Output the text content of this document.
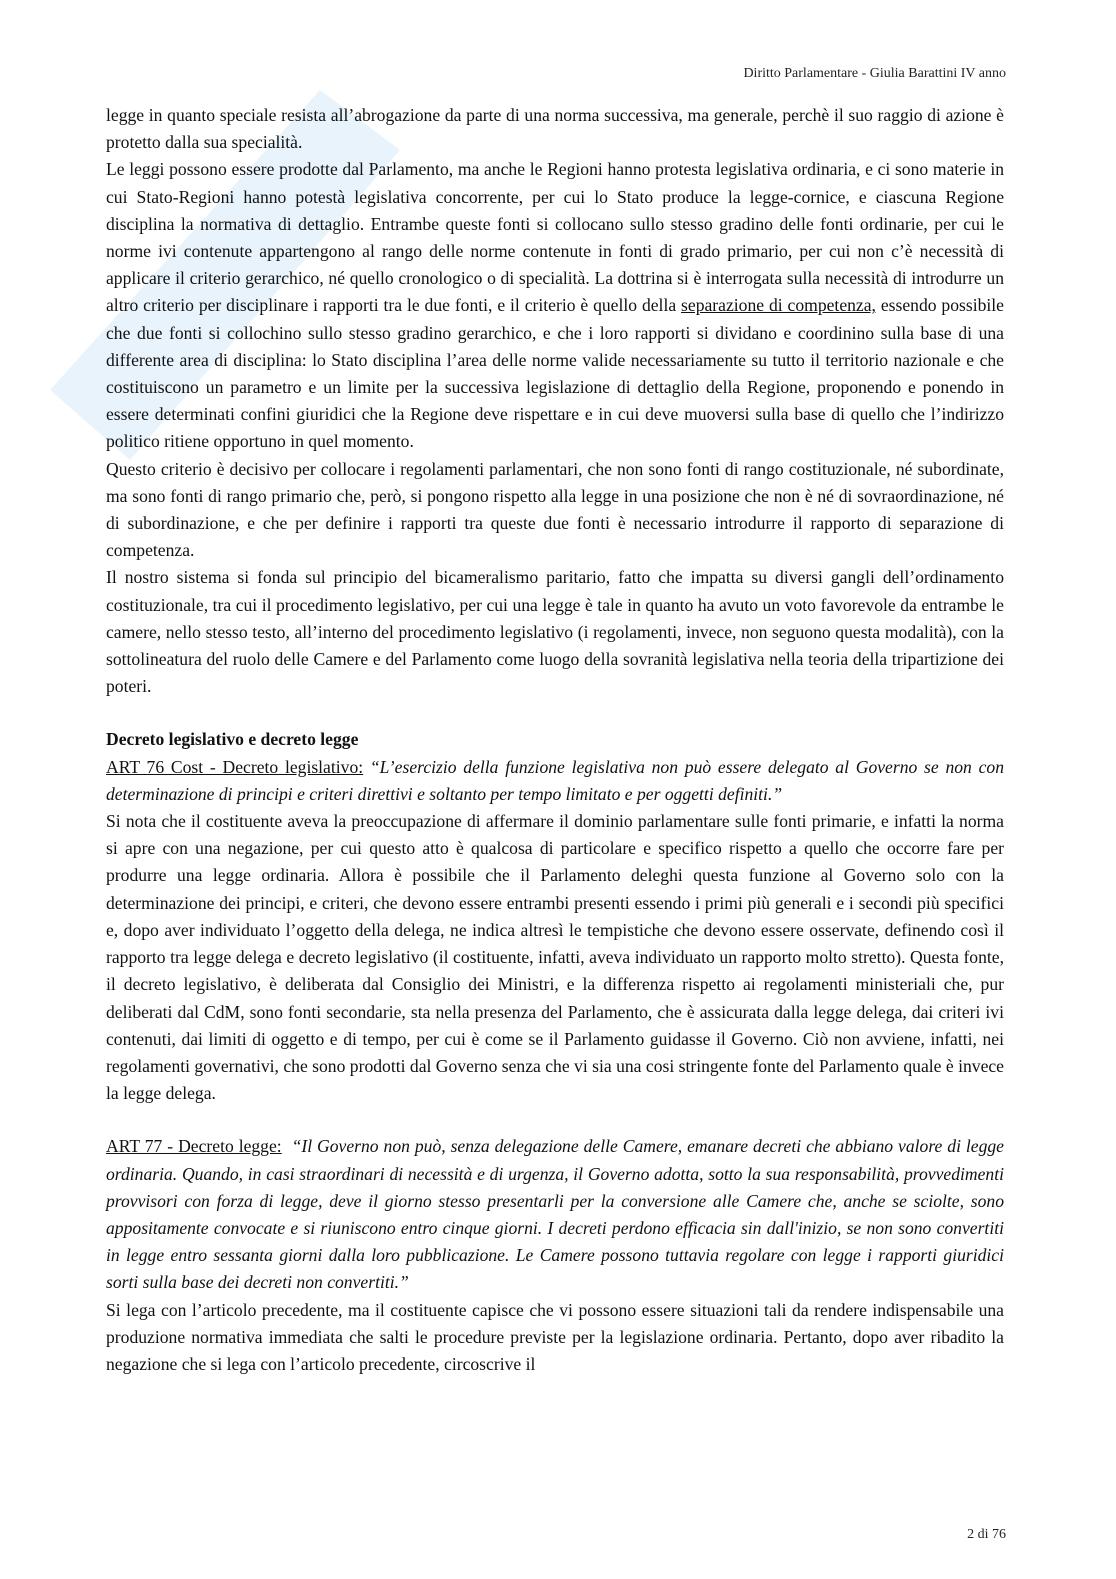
Diritto Parlamentare - Giulia Barattini IV anno

legge in quanto speciale resista all’abrogazione da parte di una norma successiva, ma generale, perchè il suo raggio di azione è protetto dalla sua specialità.

Le leggi possono essere prodotte dal Parlamento, ma anche le Regioni hanno protesta legislativa ordinaria, e ci sono materie in cui Stato-Regioni hanno potestà legislativa concorrente, per cui lo Stato produce la legge-cornice, e ciascuna Regione disciplina la normativa di dettaglio. Entrambe queste fonti si collocano sullo stesso gradino delle fonti ordinarie, per cui le norme ivi contenute appartengono al rango delle norme contenute in fonti di grado primario, per cui non c’è necessità di applicare il criterio gerarchico, né quello cronologico o di specialità. La dottrina si è interrogata sulla necessità di introdurre un altro criterio per disciplinare i rapporti tra le due fonti, e il criterio è quello della separazione di competenza, essendo possibile che due fonti si collochino sullo stesso gradino gerarchico, e che i loro rapporti si dividano e coordinino sulla base di una differente area di disciplina: lo Stato disciplina l’area delle norme valide necessariamente su tutto il territorio nazionale e che costituiscono un parametro e un limite per la successiva legislazione di dettaglio della Regione, proponendo e ponendo in essere determinati confini giuridici che la Regione deve rispettare e in cui deve muoversi sulla base di quello che l’indirizzo politico ritiene opportuno in quel momento.

Questo criterio è decisivo per collocare i regolamenti parlamentari, che non sono fonti di rango costituzionale, né subordinate, ma sono fonti di rango primario che, però, si pongono rispetto alla legge in una posizione che non è né di sovraordinazione, né di subordinazione, e che per definire i rapporti tra queste due fonti è necessario introdurre il rapporto di separazione di competenza.

Il nostro sistema si fonda sul principio del bicameralismo paritario, fatto che impatta su diversi gangli dell’ordinamento costituzionale, tra cui il procedimento legislativo, per cui una legge è tale in quanto ha avuto un voto favorevole da entrambe le camere, nello stesso testo, all’interno del procedimento legislativo (i regolamenti, invece, non seguono questa modalità), con la sottolineatura del ruolo delle Camere e del Parlamento come luogo della sovranità legislativa nella teoria della tripartizione dei poteri.

Decreto legislativo e decreto legge

ART 76 Cost - Decreto legislativo: “L’esercizio della funzione legislativa non può essere delegato al Governo se non con determinazione di principi e criteri direttivi e soltanto per tempo limitato e per oggetti definiti.”

Si nota che il costituente aveva la preoccupazione di affermare il dominio parlamentare sulle fonti primarie, e infatti la norma si apre con una negazione, per cui questo atto è qualcosa di particolare e specifico rispetto a quello che occorre fare per produrre una legge ordinaria. Allora è possibile che il Parlamento deleghi questa funzione al Governo solo con la determinazione dei principi, e criteri, che devono essere entrambi presenti essendo i primi più generali e i secondi più specifici e, dopo aver individuato l’oggetto della delega, ne indica altresì le tempistiche che devono essere osservate, definendo così il rapporto tra legge delega e decreto legislativo (il costituente, infatti, aveva individuato un rapporto molto stretto). Questa fonte, il decreto legislativo, è deliberata dal Consiglio dei Ministri, e la differenza rispetto ai regolamenti ministeriali che, pur deliberati dal CdM, sono fonti secondarie, sta nella presenza del Parlamento, che è assicurata dalla legge delega, dai criteri ivi contenuti, dai limiti di oggetto e di tempo, per cui è come se il Parlamento guidasse il Governo. Ciò non avviene, infatti, nei regolamenti governativi, che sono prodotti dal Governo senza che vi sia una cosi stringente fonte del Parlamento quale è invece la legge delega.

ART 77 - Decreto legge: “Il Governo non può, senza delegazione delle Camere, emanare decreti che abbiano valore di legge ordinaria. Quando, in casi straordinari di necessità e di urgenza, il Governo adotta, sotto la sua responsabilità, provvedimenti provvisori con forza di legge, deve il giorno stesso presentarli per la conversione alle Camere che, anche se sciolte, sono appositamente convocate e si riuniscono entro cinque giorni. I decreti perdono efficacia sin dall'inizio, se non sono convertiti in legge entro sessanta giorni dalla loro pubblicazione. Le Camere possono tuttavia regolare con legge i rapporti giuridici sorti sulla base dei decreti non convertiti.”

Si lega con l’articolo precedente, ma il costituente capisce che vi possono essere situazioni tali da rendere indispensabile una produzione normativa immediata che salti le procedure previste per la legislazione ordinaria. Pertanto, dopo aver ribadito la negazione che si lega con l’articolo precedente, circoscrive il

2 di 76
